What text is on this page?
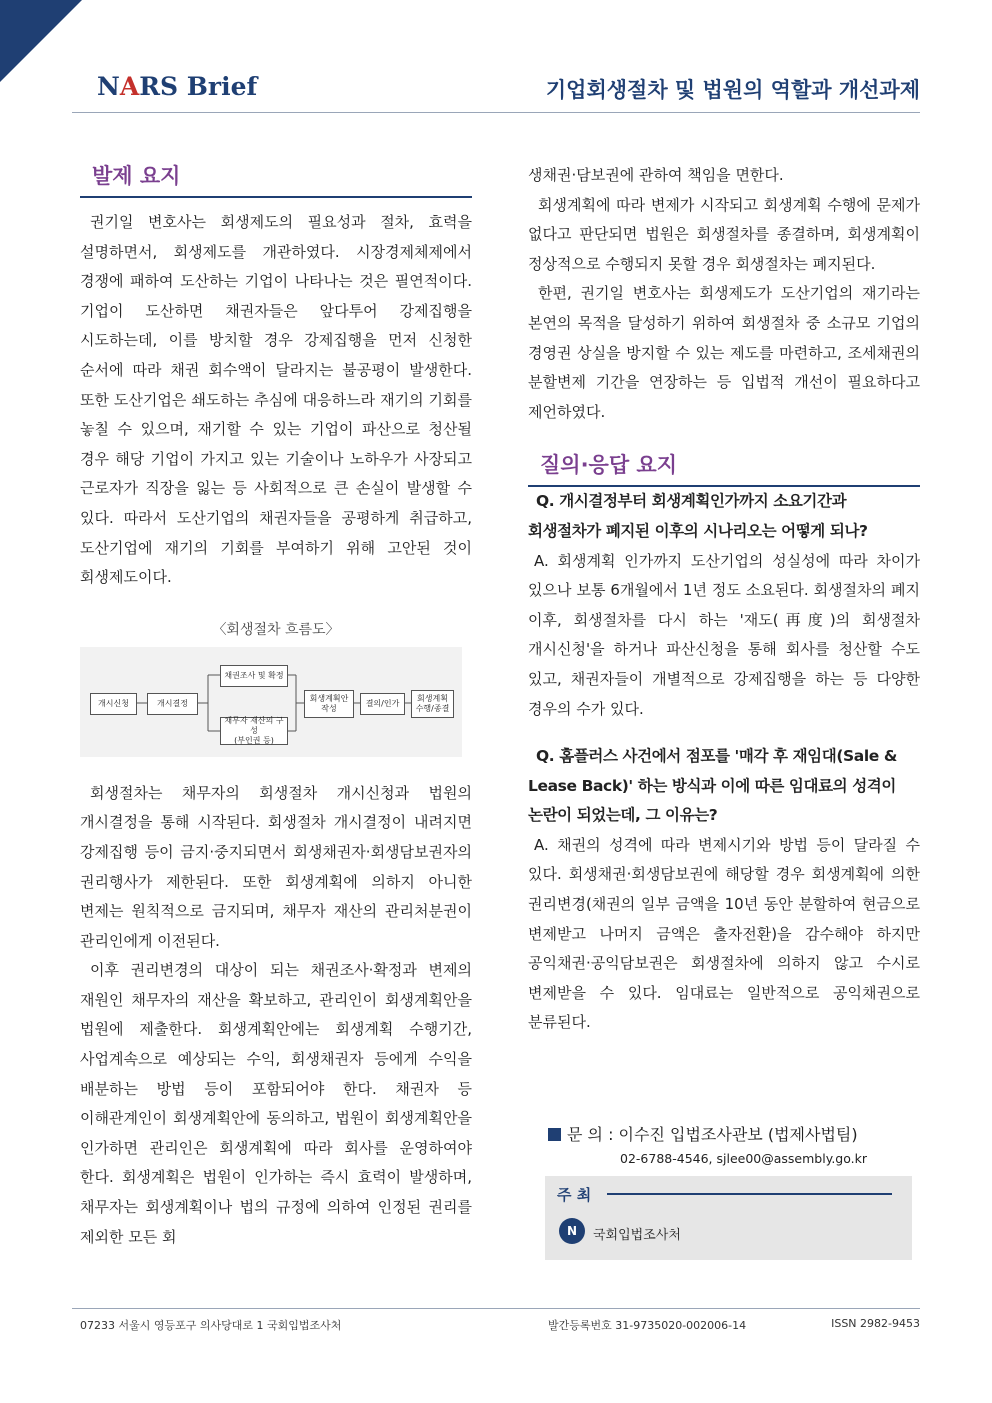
NARS Brief	기업회생절차 및 법원의 역할과 개선과제
발제 요지

권기일 변호사는 회생제도의 필요성과 절차, 효력을 설명하면서, 회생제도를 개관하였다. 시장경제체제에서 경쟁에 패하여 도산하는 기업이 나타나는 것은 필연적이다. 기업이 도산하면 채권자들은 앞다투어 강제집행을 시도하는데, 이를 방치할 경우 강제집행을 먼저 신청한 순서에 따라 채권 회수액이 달라지는 불공평이 발생한다. 또한 도산기업은 쇄도하는 추심에 대응하느라 재기의 기회를 놓칠 수 있으며, 재기할 수 있는 기업이 파산으로 청산될 경우 해당 기업이 가지고 있는 기술이나 노하우가 사장되고 근로자가 직장을 잃는 등 사회적으로 큰 손실이 발생할 수 있다. 따라서 도산기업의 채권자들을 공평하게 취급하고, 도산기업에 재기의 기회를 부여하기 위해 고안된 것이 회생제도이다.

〈회생절차 흐름도〉
개시신청	개시결정
채권조사 및 확정
채무자 재산의 구성
(부인권 등)
회생계획안
작성
결의/인가
회생계획
수행/종결

회생절차는 채무자의 회생절차 개시신청과 법원의 개시결정을 통해 시작된다. 회생절차 개시결정이 내려지면 강제집행 등이 금지·중지되면서 회생채권자·회생담보권자의 권리행사가 제한된다. 또한 회생계획에 의하지 아니한 변제는 원칙적으로 금지되며, 채무자 재산의 관리처분권이 관리인에게 이전된다.

이후 권리변경의 대상이 되는 채권조사·확정과 변제의 재원인 채무자의 재산을 확보하고, 관리인이 회생계획안을 법원에 제출한다. 회생계획안에는 회생계획 수행기간, 사업계속으로 예상되는 수익, 회생채권자 등에게 수익을 배분하는 방법 등이 포함되어야 한다. 채권자 등 이해관계인이 회생계획안에 동의하고, 법원이 회생계획안을 인가하면 관리인은 회생계획에 따라 회사를 운영하여야 한다. 회생계획은 법원이 인가하는 즉시 효력이 발생하며, 채무자는 회생계획이나 법의 규정에 의하여 인정된 권리를 제외한 모든 회

생채권·담보권에 관하여 책임을 면한다.

회생계획에 따라 변제가 시작되고 회생계획 수행에 문제가 없다고 판단되면 법원은 회생절차를 종결하며, 회생계획이 정상적으로 수행되지 못할 경우 회생절차는 폐지된다.

한편, 권기일 변호사는 회생제도가 도산기업의 재기라는 본연의 목적을 달성하기 위하여 회생절차 중 소규모 기업의 경영권 상실을 방지할 수 있는 제도를 마련하고, 조세채권의 분할변제 기간을 연장하는 등 입법적 개선이 필요하다고 제언하였다.

질의·응답 요지

Q. 개시결정부터 회생계획인가까지 소요기간과 회생절차가 폐지된 이후의 시나리오는 어떻게 되나?

A. 회생계획 인가까지 도산기업의 성실성에 따라 차이가 있으나 보통 6개월에서 1년 정도 소요된다. 회생절차의 폐지 이후, 회생절차를 다시 하는 '재도(再度)의 회생절차 개시신청'을 하거나 파산신청을 통해 회사를 청산할 수도 있고, 채권자들이 개별적으로 강제집행을 하는 등 다양한 경우의 수가 있다.

Q. 홈플러스 사건에서 점포를 '매각 후 재임대(Sale & Lease Back)' 하는 방식과 이에 따른 임대료의 성격이 논란이 되었는데, 그 이유는?

A. 채권의 성격에 따라 변제시기와 방법 등이 달라질 수 있다. 회생채권·회생담보권에 해당할 경우 회생계획에 의한 권리변경(채권의 일부 금액을 10년 동안 분할하여 현금으로 변제받고 나머지 금액은 출자전환)을 감수해야 하지만 공익채권·공익담보권은 회생절차에 의하지 않고 수시로 변제받을 수 있다. 임대료는 일반적으로 공익채권으로 분류된다.

문 의 : 이수진 입법조사관보 (법제사법팀)
02-6788-4546, sjlee00@assembly.go.kr
주 최
N	국회입법조사처
07233 서울시 영등포구 의사당대로 1 국회입법조사처	발간등록번호 31-9735020-002006-14	ISSN 2982-9453
